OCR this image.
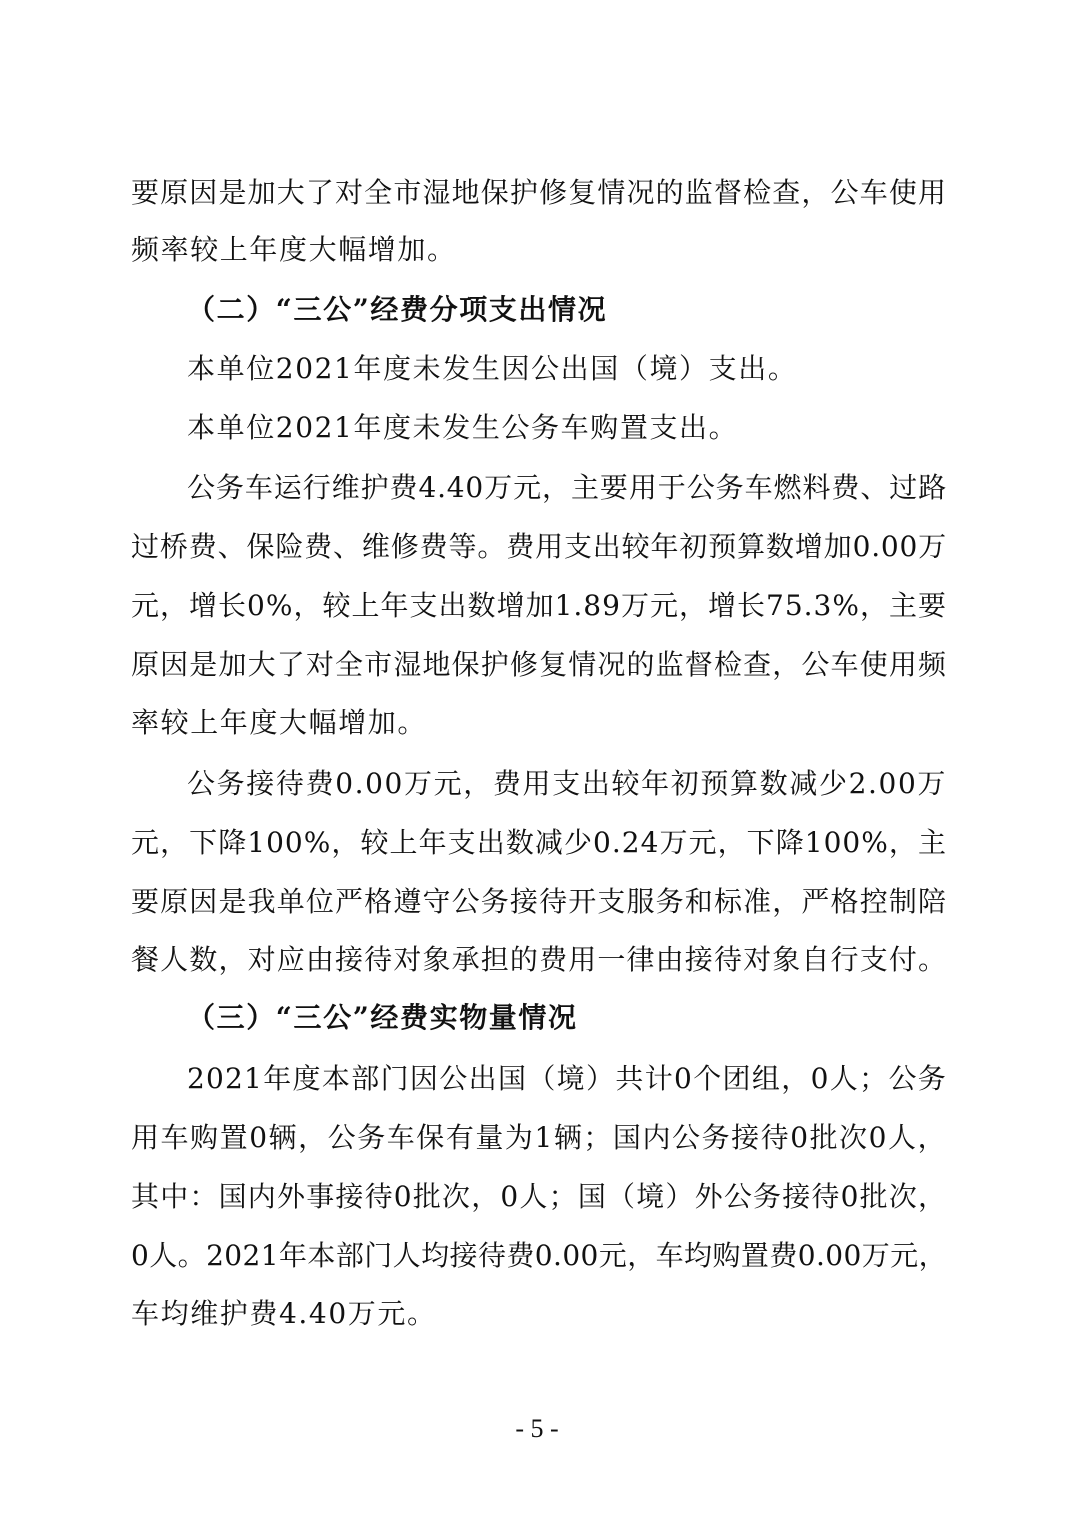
要原因是加大了对全市湿地保护修复情况的监督检查，公车使用
频率较上年度大幅增加。
（二）“三公”经费分项支出情况
本单位2021年度未发生因公出国（境）支出。
本单位2021年度未发生公务车购置支出。
公务车运行维护费4.40万元，主要用于公务车燃料费、过路
过桥费、保险费、维修费等。费用支出较年初预算数增加0.00万
元，增长0%，较上年支出数增加1.89万元，增长75.3%，主要
原因是加大了对全市湿地保护修复情况的监督检查，公车使用频
率较上年度大幅增加。
公务接待费0.00万元，费用支出较年初预算数减少2.00万
元，下降100%，较上年支出数减少0.24万元，下降100%，主
要原因是我单位严格遵守公务接待开支服务和标准，严格控制陪
餐人数，对应由接待对象承担的费用一律由接待对象自行支付。
（三）“三公”经费实物量情况
2021年度本部门因公出国（境）共计0个团组，0人；公务
用车购置0辆，公务车保有量为1辆；国内公务接待0批次0人，
其中：国内外事接待0批次，0人；国（境）外公务接待0批次，
0人。2021年本部门人均接待费0.00元，车均购置费0.00万元，
车均维护费4.40万元。
- 5 -
